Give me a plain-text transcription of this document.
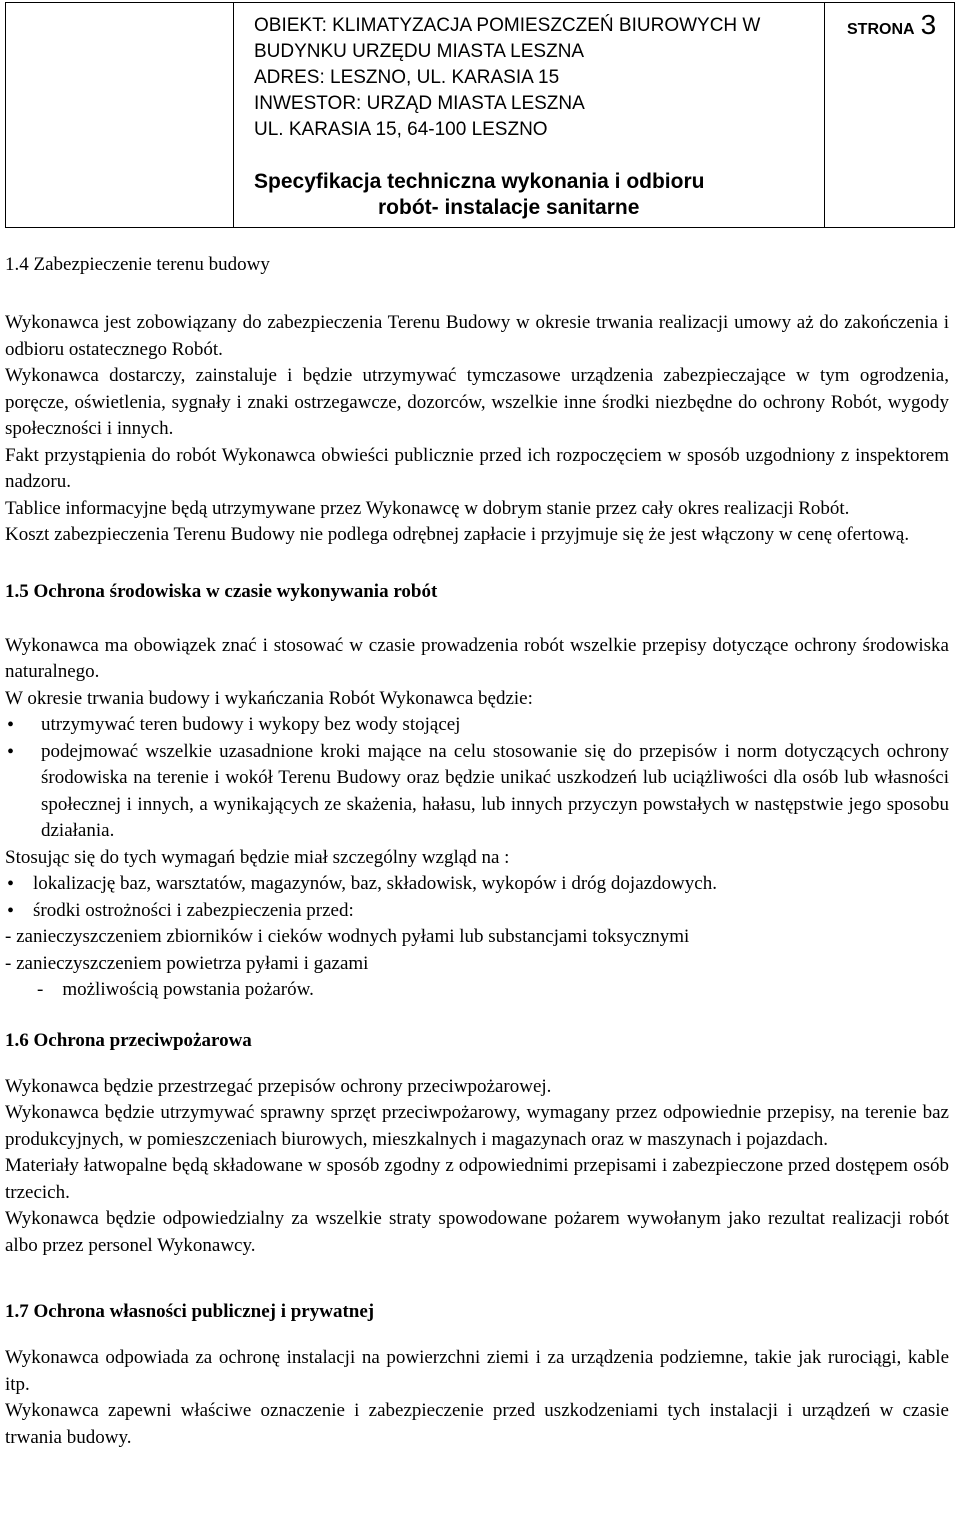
OBIEKT: KLIMATYZACJA POMIESZCZEŃ BIUROWYCH W
BUDYNKU URZĘDU MIASTA LESZNA
ADRES: LESZNO, UL. KARASIA 15
INWESTOR: URZĄD MIASTA LESZNA
UL. KARASIA 15, 64-100 LESZNO
Specyfikacja techniczna wykonania i odbioru
robót- instalacje sanitarne
STRONA 3
1.4 Zabezpieczenie terenu budowy

Wykonawca jest zobowiązany do zabezpieczenia Terenu Budowy w okresie trwania realizacji umowy aż do zakończenia i odbioru ostatecznego Robót.

Wykonawca dostarczy, zainstaluje i będzie utrzymywać tymczasowe urządzenia zabezpieczające w tym ogrodzenia, poręcze, oświetlenia, sygnały i znaki ostrzegawcze, dozorców, wszelkie inne środki niezbędne do ochrony Robót, wygody społeczności i innych.

Fakt przystąpienia do robót Wykonawca obwieści publicznie przed ich rozpoczęciem w sposób uzgodniony z inspektorem nadzoru.

Tablice informacyjne będą utrzymywane przez Wykonawcę w dobrym stanie przez cały okres realizacji Robót.

Koszt zabezpieczenia Terenu Budowy nie podlega odrębnej zapłacie i przyjmuje się że jest włączony w cenę ofertową.

1.5 Ochrona środowiska w czasie wykonywania robót

Wykonawca ma obowiązek znać i stosować w czasie prowadzenia robót wszelkie przepisy dotyczące ochrony środowiska naturalnego.

W okresie trwania budowy i wykańczania Robót Wykonawca będzie:

• utrzymywać teren budowy i wykopy bez wody stojącej
• podejmować wszelkie uzasadnione kroki mające na celu stosowanie się do przepisów i norm dotyczących ochrony środowiska na terenie i wokół Terenu Budowy oraz będzie unikać uszkodzeń lub uciążliwości dla osób lub własności społecznej i innych, a wynikających ze skażenia, hałasu, lub innych przyczyn powstałych w następstwie jego sposobu działania.

Stosując się do tych wymagań będzie miał szczególny wzgląd na :

• lokalizację baz, warsztatów, magazynów, baz, składowisk, wykopów i dróg dojazdowych.
• środki ostrożności i zabezpieczenia przed:

- zanieczyszczeniem zbiorników i cieków wodnych pyłami lub substancjami toksycznymi

- zanieczyszczeniem powietrza pyłami i gazami

-    możliwością powstania pożarów.

1.6 Ochrona przeciwpożarowa

Wykonawca będzie przestrzegać przepisów ochrony przeciwpożarowej.

Wykonawca będzie utrzymywać sprawny sprzęt przeciwpożarowy, wymagany przez odpowiednie przepisy, na terenie baz produkcyjnych, w pomieszczeniach biurowych, mieszkalnych i magazynach oraz w maszynach i pojazdach.

Materiały łatwopalne będą składowane w sposób zgodny z odpowiednimi przepisami i zabezpieczone przed dostępem osób trzecich.

Wykonawca będzie odpowiedzialny za wszelkie straty spowodowane pożarem wywołanym jako rezultat realizacji robót albo przez personel Wykonawcy.

1.7 Ochrona własności publicznej i prywatnej

Wykonawca odpowiada za ochronę instalacji na powierzchni ziemi i za urządzenia podziemne, takie jak rurociągi, kable itp.

Wykonawca zapewni właściwe oznaczenie i zabezpieczenie przed uszkodzeniami tych instalacji i urządzeń w czasie trwania budowy.
